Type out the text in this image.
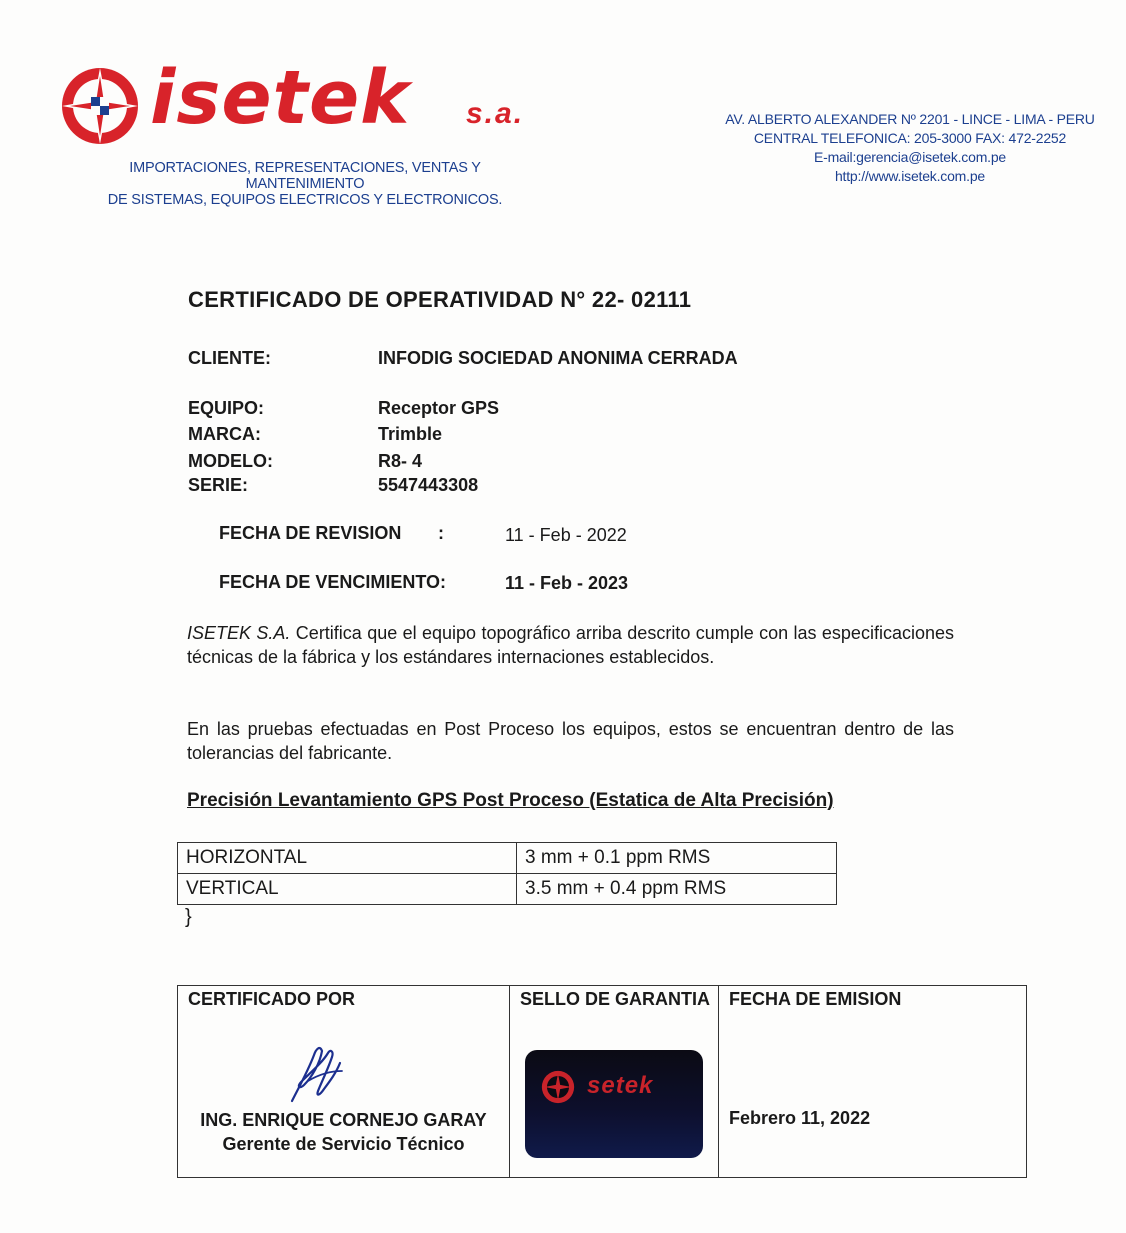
isetek s.a.
IMPORTACIONES, REPRESENTACIONES, VENTAS Y MANTENIMIENTO
DE SISTEMAS, EQUIPOS ELECTRICOS Y ELECTRONICOS.
AV. ALBERTO ALEXANDER Nº 2201 - LINCE - LIMA - PERU
CENTRAL TELEFONICA: 205-3000 FAX: 472-2252
E-mail:gerencia@isetek.com.pe
http://www.isetek.com.pe
CERTIFICADO DE OPERATIVIDAD N° 22- 02111
CLIENTE:	INFODIG SOCIEDAD ANONIMA CERRADA
EQUIPO:	Receptor GPS
MARCA:	Trimble
MODELO:	R8- 4
SERIE:	5547443308
FECHA DE REVISION :	11 - Feb - 2022
FECHA DE VENCIMIENTO:	11 - Feb - 2023
ISETEK S.A. Certifica que el equipo topográfico arriba descrito cumple con las especificaciones técnicas de la fábrica y los estándares internaciones establecidos.
En las pruebas efectuadas en Post Proceso los equipos, estos se encuentran dentro de las tolerancias del fabricante.
Precisión Levantamiento GPS Post Proceso (Estatica de Alta Precisión)
HORIZONTAL	3 mm + 0.1 ppm RMS
VERTICAL	3.5 mm + 0.4 ppm RMS
}
CERTIFICADO POR
ING. ENRIQUE CORNEJO GARAY
Gerente de Servicio Técnico

SELLO DE GARANTIA
setek

FECHA DE EMISION
Febrero 11, 2022
